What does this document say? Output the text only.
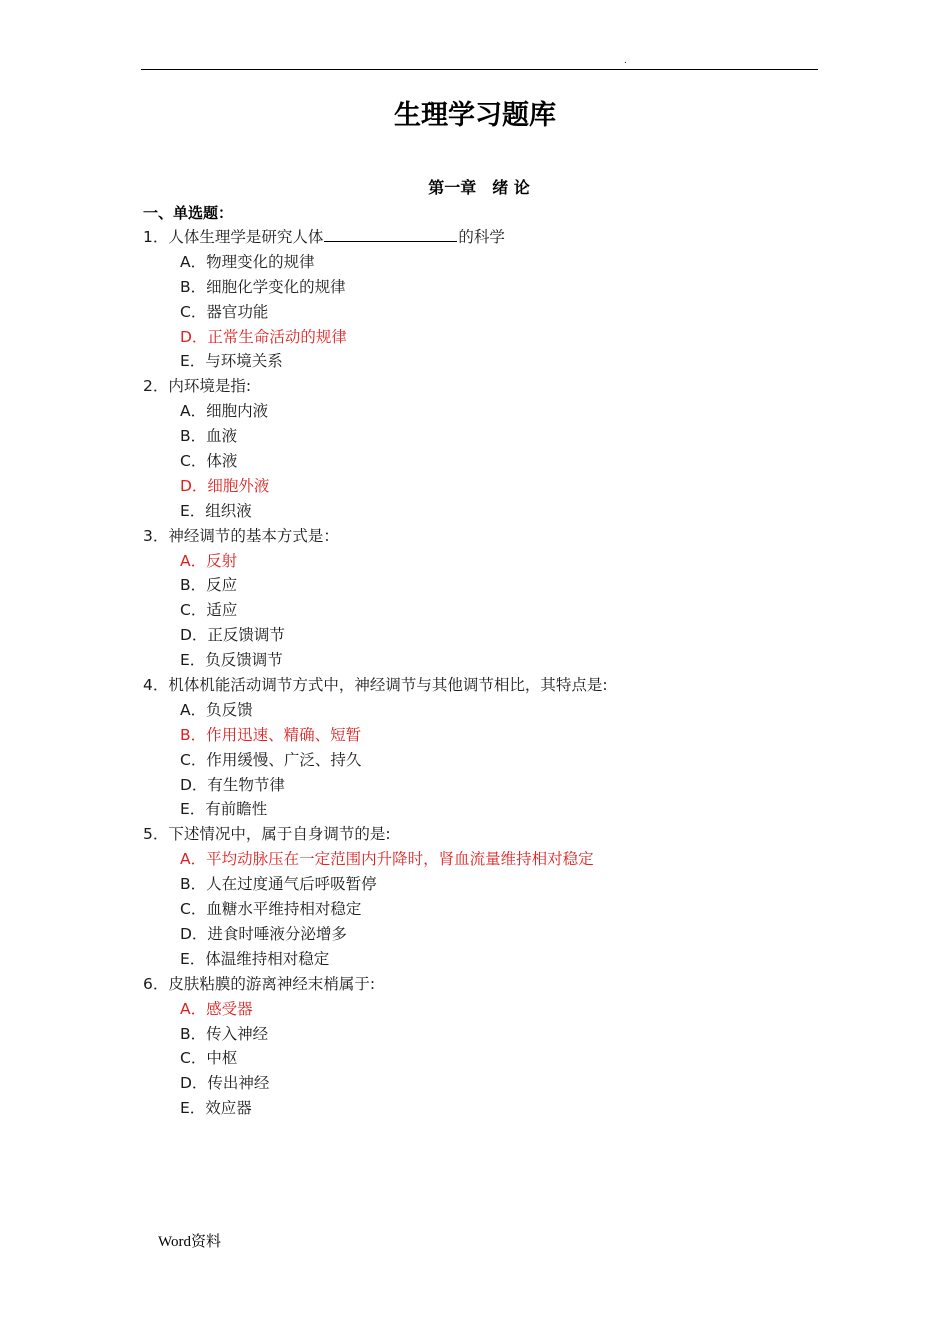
.
生理学习题库
第一章　绪 论
一、单选题：
1．人体生理学是研究人体	的科学
A．物理变化的规律
B．细胞化学变化的规律
C．器官功能
D．正常生命活动的规律
E．与环境关系
2．内环境是指:
A．细胞内液
B．血液
C．体液
D．细胞外液
E．组织液
3．神经调节的基本方式是：
A．反射
B．反应
C．适应
D．正反馈调节
E．负反馈调节
4．机体机能活动调节方式中，神经调节与其他调节相比，其特点是:
A．负反馈
B．作用迅速、精确、短暂
C．作用缓慢、广泛、持久
D．有生物节律
E．有前瞻性
5．下述情况中，属于自身调节的是:
A．平均动脉压在一定范围内升降时，肾血流量维持相对稳定
B．人在过度通气后呼吸暂停
C．血糖水平维持相对稳定
D．进食时唾液分泌增多
E．体温维持相对稳定
6．皮肤粘膜的游离神经末梢属于:
A．感受器
B．传入神经
C．中枢
D．传出神经
E．效应器
Word资料
